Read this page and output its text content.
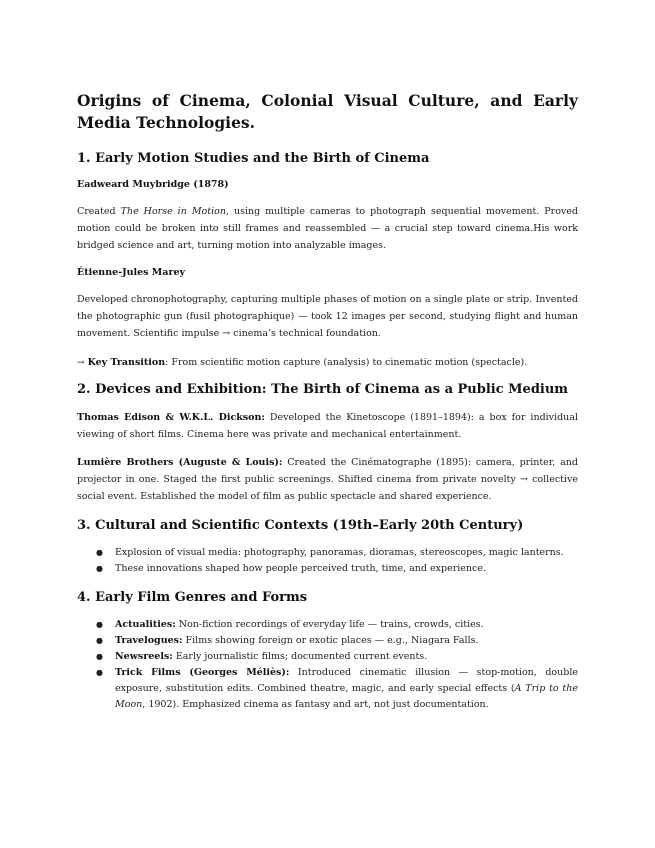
Origins of Cinema, Colonial Visual Culture, and Early Media Technologies.
1. Early Motion Studies and the Birth of Cinema
Eadweard Muybridge (1878)

Created The Horse in Motion, using multiple cameras to photograph sequential movement. Proved motion could be broken into still frames and reassembled — a crucial step toward cinema.His work bridged science and art, turning motion into analyzable images.

Étienne-Jules Marey

Developed chronophotography, capturing multiple phases of motion on a single plate or strip. Invented the photographic gun (fusil photographique) — took 12 images per second, studying flight and human movement. Scientific impulse → cinema’s technical foundation.

→ Key Transition: From scientific motion capture (analysis) to cinematic motion (spectacle).

2. Devices and Exhibition: The Birth of Cinema as a Public Medium

Thomas Edison & W.K.L. Dickson: Developed the Kinetoscope (1891–1894): a box for individual viewing of short films. Cinema here was private and mechanical entertainment.

Lumière Brothers (Auguste & Louis): Created the Cinématographe (1895): camera, printer, and projector in one. Staged the first public screenings. Shifted cinema from private novelty → collective social event. Established the model of film as public spectacle and shared experience.

3. Cultural and Scientific Contexts (19th–Early 20th Century)
● Explosion of visual media: photography, panoramas, dioramas, stereoscopes, magic lanterns.
● These innovations shaped how people perceived truth, time, and experience.
4. Early Film Genres and Forms
● Actualities: Non-fiction recordings of everyday life — trains, crowds, cities.
● Travelogues: Films showing foreign or exotic places — e.g., Niagara Falls.
● Newsreels: Early journalistic films; documented current events.
● Trick Films (Georges Méliès): Introduced cinematic illusion — stop-motion, double exposure, substitution edits. Combined theatre, magic, and early special effects (A Trip to the Moon, 1902). Emphasized cinema as fantasy and art, not just documentation.
